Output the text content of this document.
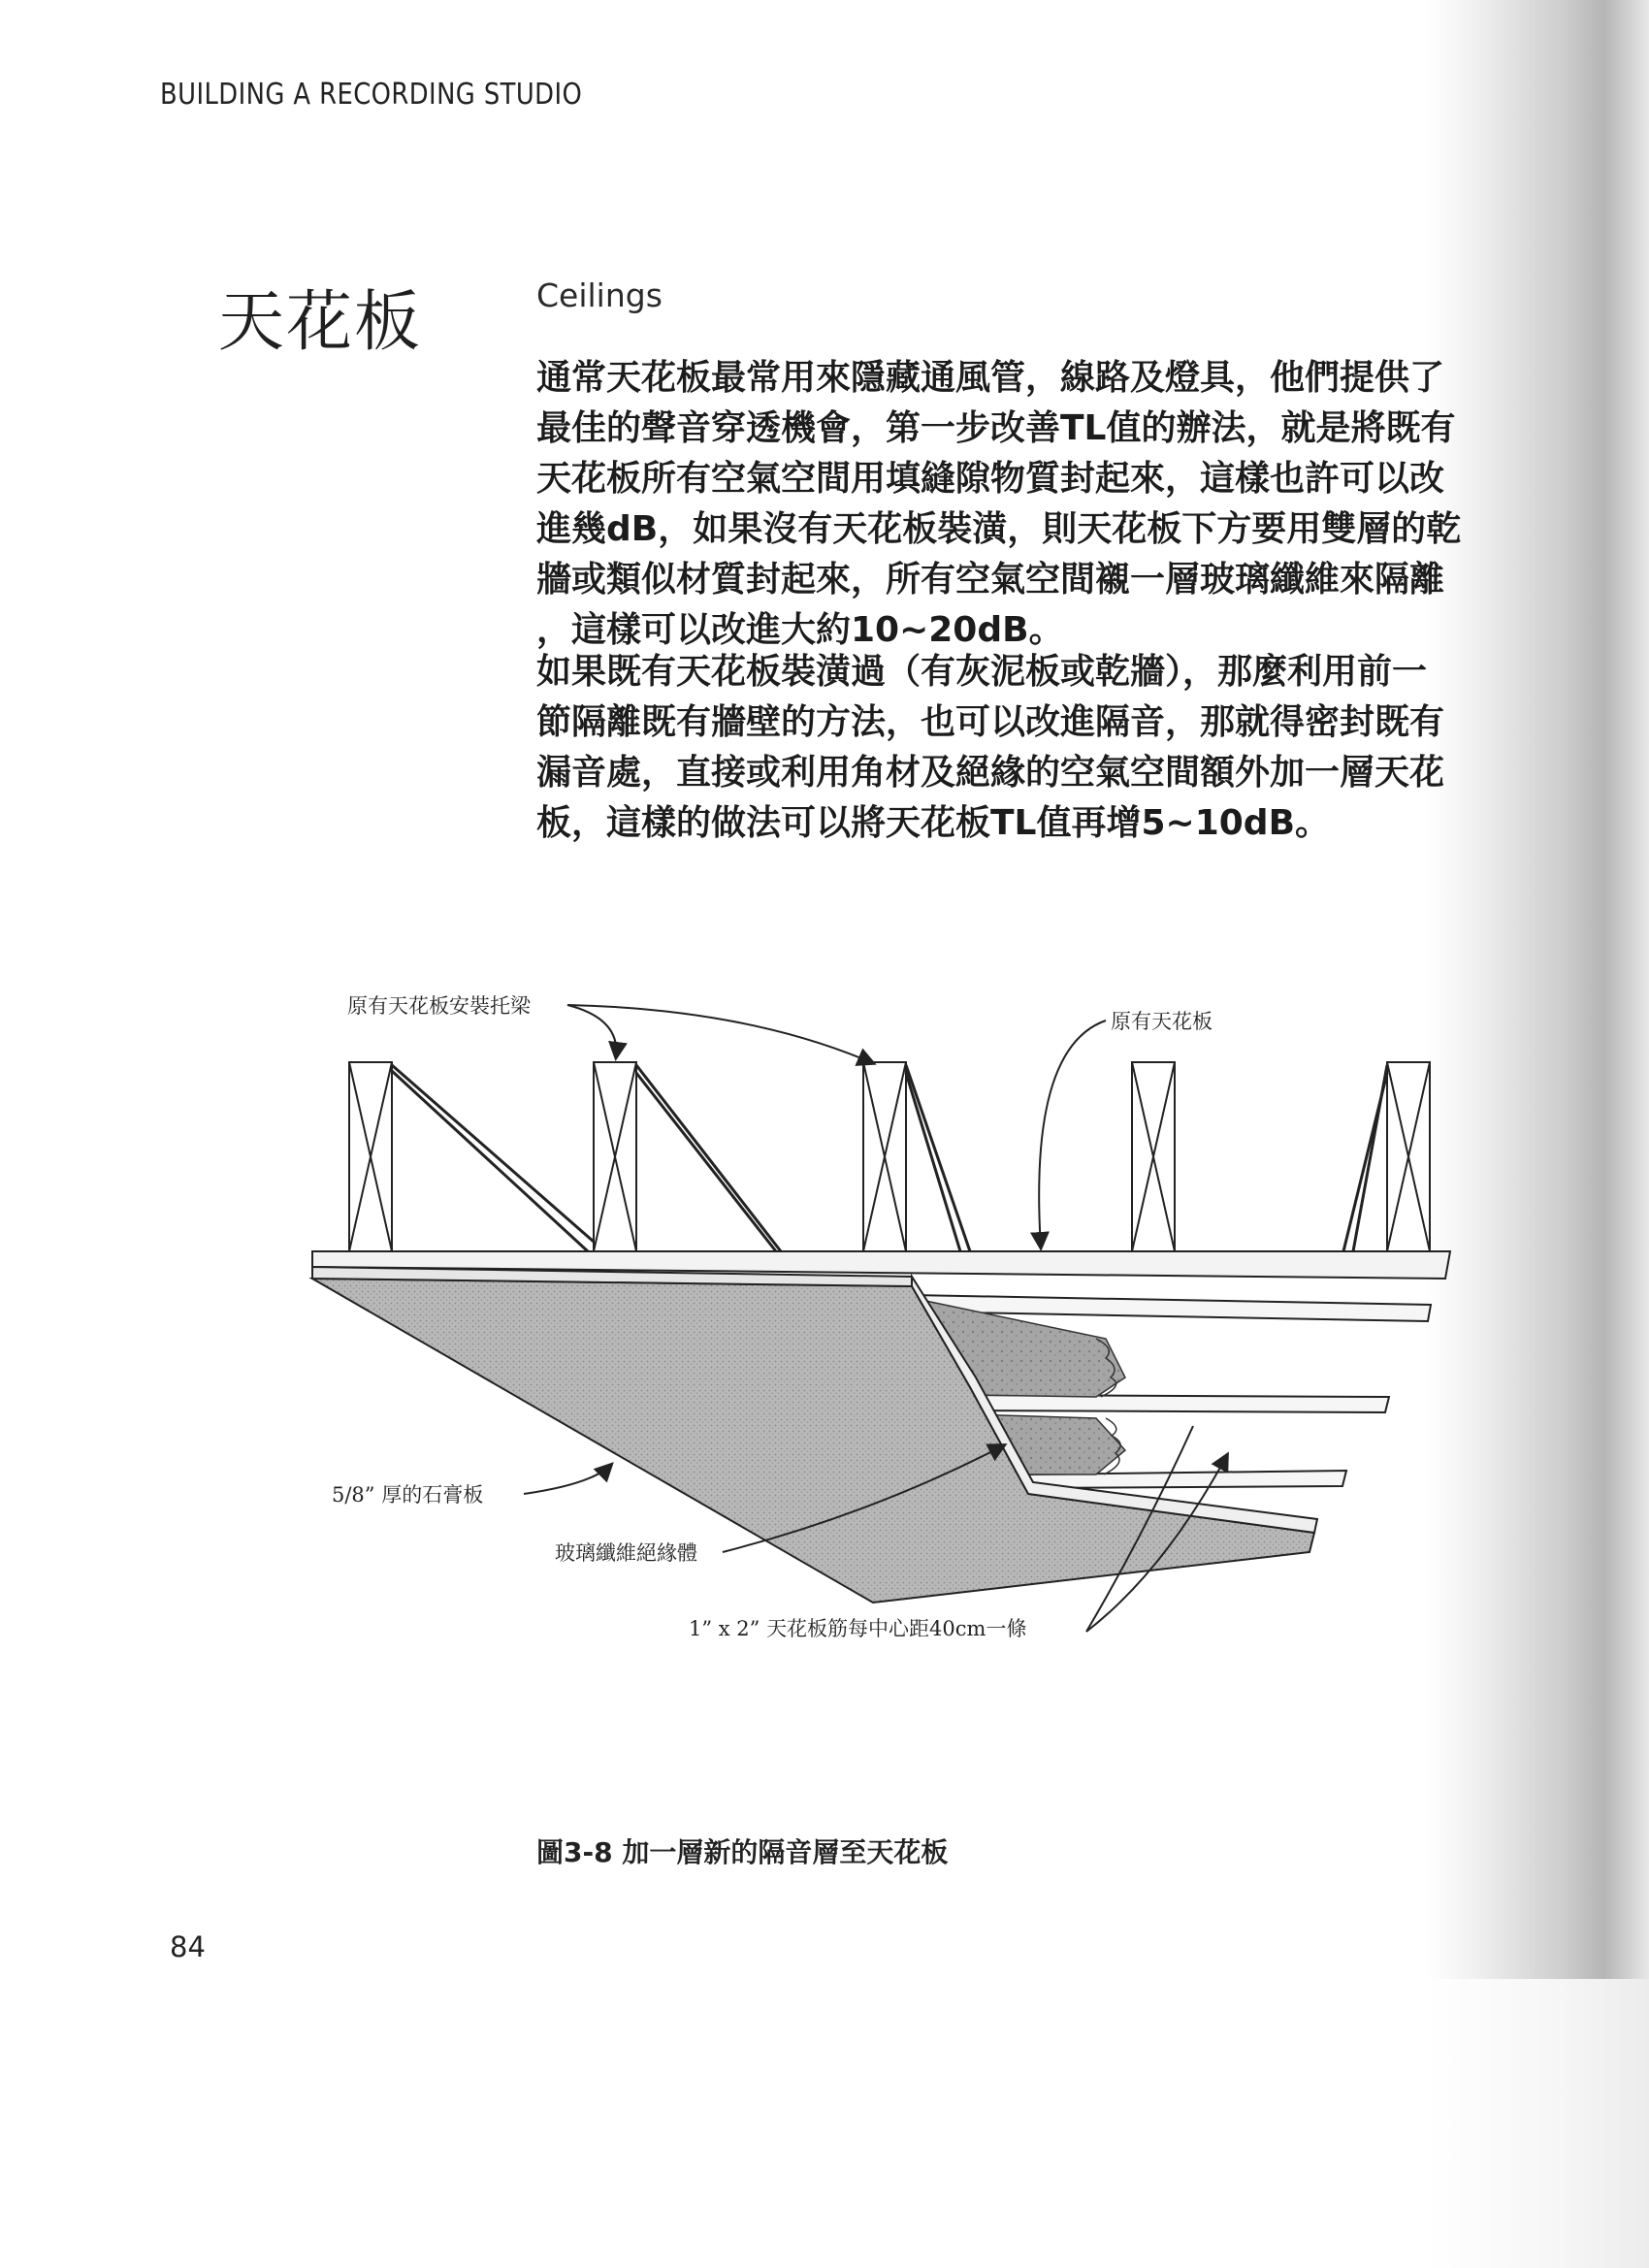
BUILDING A RECORDING STUDIO
天花板	Ceilings
通常天花板最常用來隱藏通風管，線路及燈具，他們提供了
最佳的聲音穿透機會，第一步改善TL值的辦法，就是將既有
天花板所有空氣空間用填縫隙物質封起來，這樣也許可以改
進幾dB，如果沒有天花板裝潢，則天花板下方要用雙層的乾
牆或類似材質封起來，所有空氣空間襯一層玻璃纖維來隔離
，這樣可以改進大約10~20dB。
如果既有天花板裝潢過（有灰泥板或乾牆），那麼利用前一
節隔離既有牆壁的方法，也可以改進隔音，那就得密封既有
漏音處，直接或利用角材及絕緣的空氣空間額外加一層天花
板，這樣的做法可以將天花板TL值再增5~10dB。
原有天花板安裝托梁
原有天花板
5/8” 厚的石膏板
玻璃纖維絕緣體
1” x 2” 天花板筋每中心距40cm一條
圖3-8 加一層新的隔音層至天花板
84
